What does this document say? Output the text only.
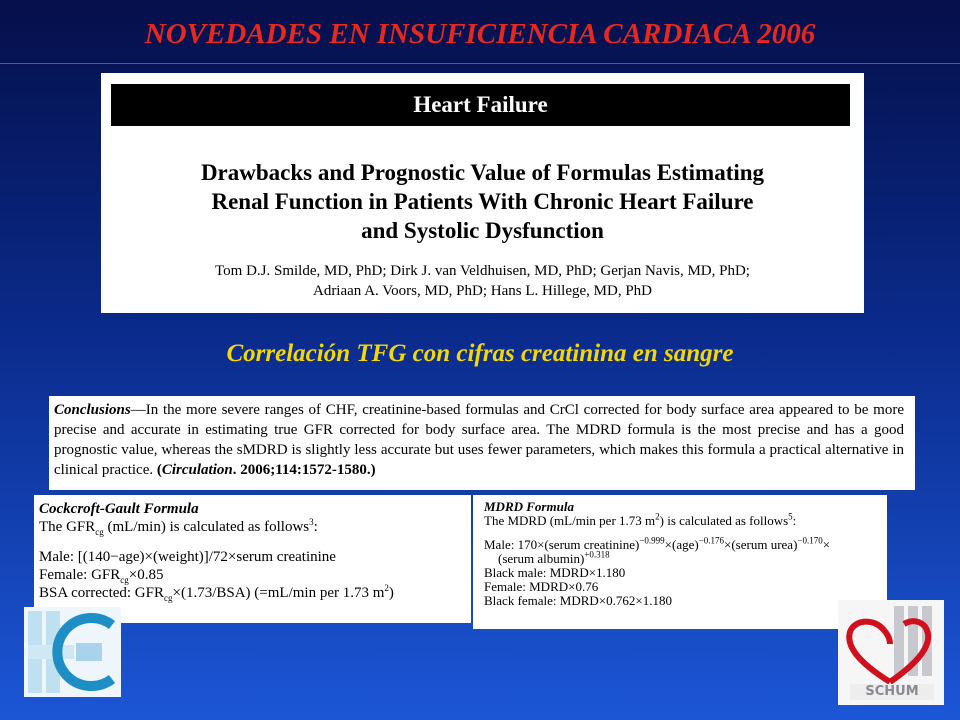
NOVEDADES EN INSUFICIENCIA CARDIACA 2006
Heart Failure
Drawbacks and Prognostic Value of Formulas Estimating
Renal Function in Patients With Chronic Heart Failure
and Systolic Dysfunction
Tom D.J. Smilde, MD, PhD; Dirk J. van Veldhuisen, MD, PhD; Gerjan Navis, MD, PhD;
Adriaan A. Voors, MD, PhD; Hans L. Hillege, MD, PhD
Correlación TFG con cifras creatinina en sangre
Conclusions—In the more severe ranges of CHF, creatinine-based formulas and CrCl corrected for body surface area appeared to be more precise and accurate in estimating true GFR corrected for body surface area. The MDRD formula is the most precise and has a good prognostic value, whereas the sMDRD is slightly less accurate but uses fewer parameters, which makes this formula a practical alternative in clinical practice. (Circulation. 2006;114:1572-1580.)
Cockcroft-Gault Formula
The $GFR_{cg}$ (mL/min) is calculated as follows$^3$:
Male: [(140−age)×(weight)]/72×serum creatinine
Female: $GFR_{cg}\times 0.85$
BSA corrected: $GFR_{cg}\times(1.73/BSA)$ (=mL/min per 1.73 $m^2$)
MDRD Formula
The MDRD (mL/min per 1.73 $m^2$) is calculated as follows$^5$:
Male: 170×(serum creatinine)$^{-0.999}$×(age)$^{-0.176}$×(serum urea)$^{-0.170}$×
(serum albumin)$^{+0.318}$
Black male: MDRD×1.180
Female: MDRD×0.76
Black female: MDRD×0.762×1.180
SCHUM
